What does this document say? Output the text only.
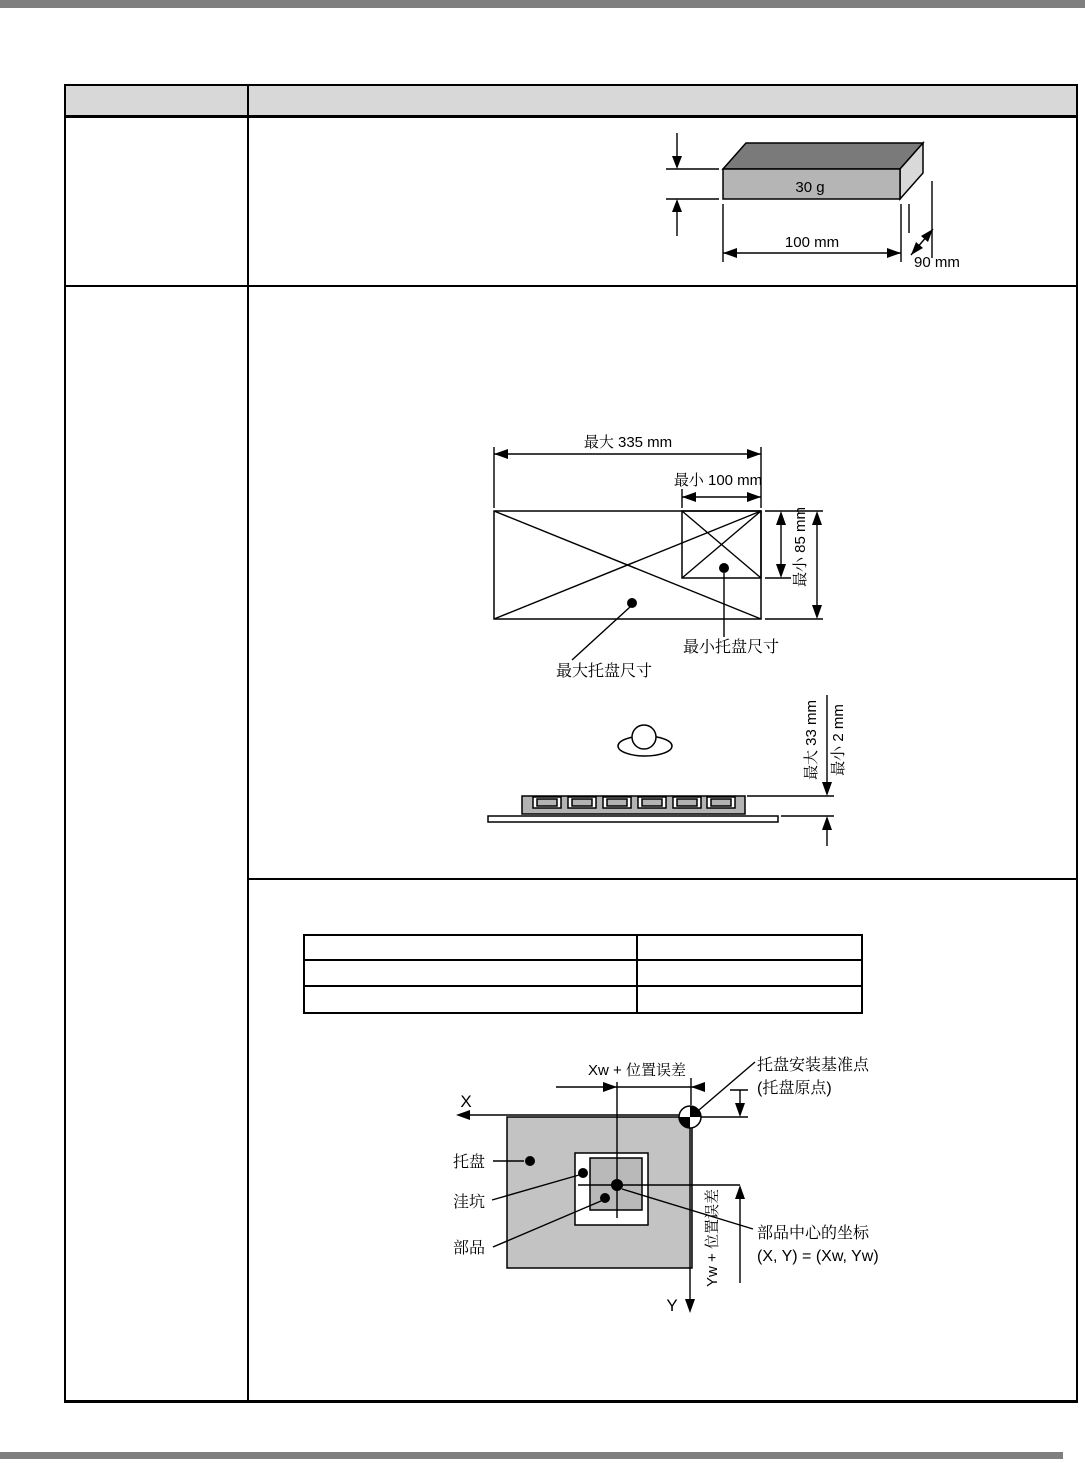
30 g
100 mm
90 mm
最大 335 mm
最小 100 mm
最小 85 mm
最大托盘尺寸
最小托盘尺寸
最大 33 mm 最小 2 mm
X
Y
Xw + 位置误差	托盘安装基准点
(托盘原点)
Yw + 位置误差 部品中心的坐标
(X, Y) = (Xw, Yw)
托盘
洼坑
部品
